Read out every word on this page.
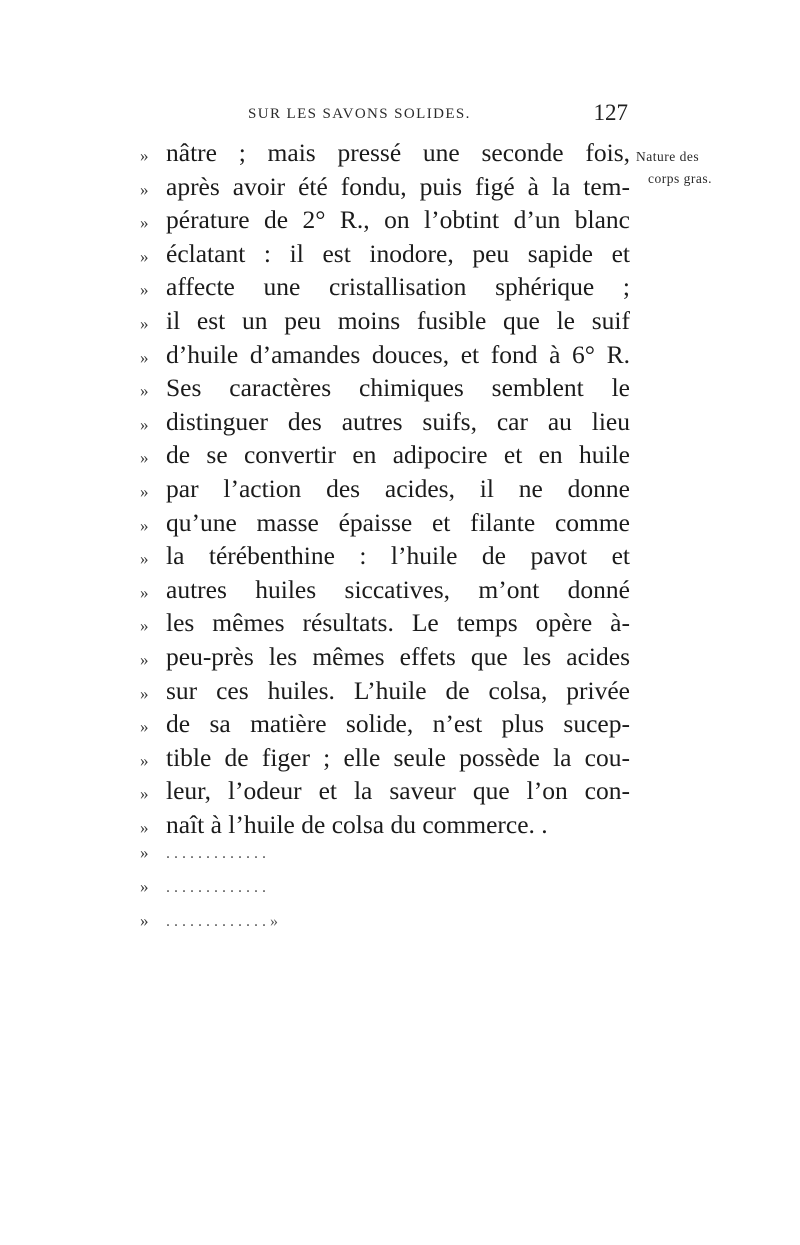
SUR LES SAVONS SOLIDES.	127
Nature des
corps gras.
» nâtre ; mais pressé une seconde fois,
» après avoir été fondu, puis figé à la tem-
» pérature de 2° R., on l’obtint d’un blanc
» éclatant : il est inodore, peu sapide et
» affecte une cristallisation sphérique ;
» il est un peu moins fusible que le suif
» d’huile d’amandes douces, et fond à 6° R.
» Ses caractères chimiques semblent le
» distinguer des autres suifs, car au lieu
» de se convertir en adipocire et en huile
» par l’action des acides, il ne donne
» qu’une masse épaisse et filante comme
» la térébenthine : l’huile de pavot et
» autres huiles siccatives, m’ont donné
» les mêmes résultats. Le temps opère à-
» peu-près les mêmes effets que les acides
» sur ces huiles. L’huile de colsa, privée
» de sa matière solide, n’est plus sucep-
» tible de figer ; elle seule possède la cou-
» leur, l’odeur et la saveur que l’on con-
» naît à l’huile de colsa du commerce. .
»	. . . . . . . . . . . . .
»	. . . . . . . . . . . . .
»	. . . . . . . . . . . . . »
